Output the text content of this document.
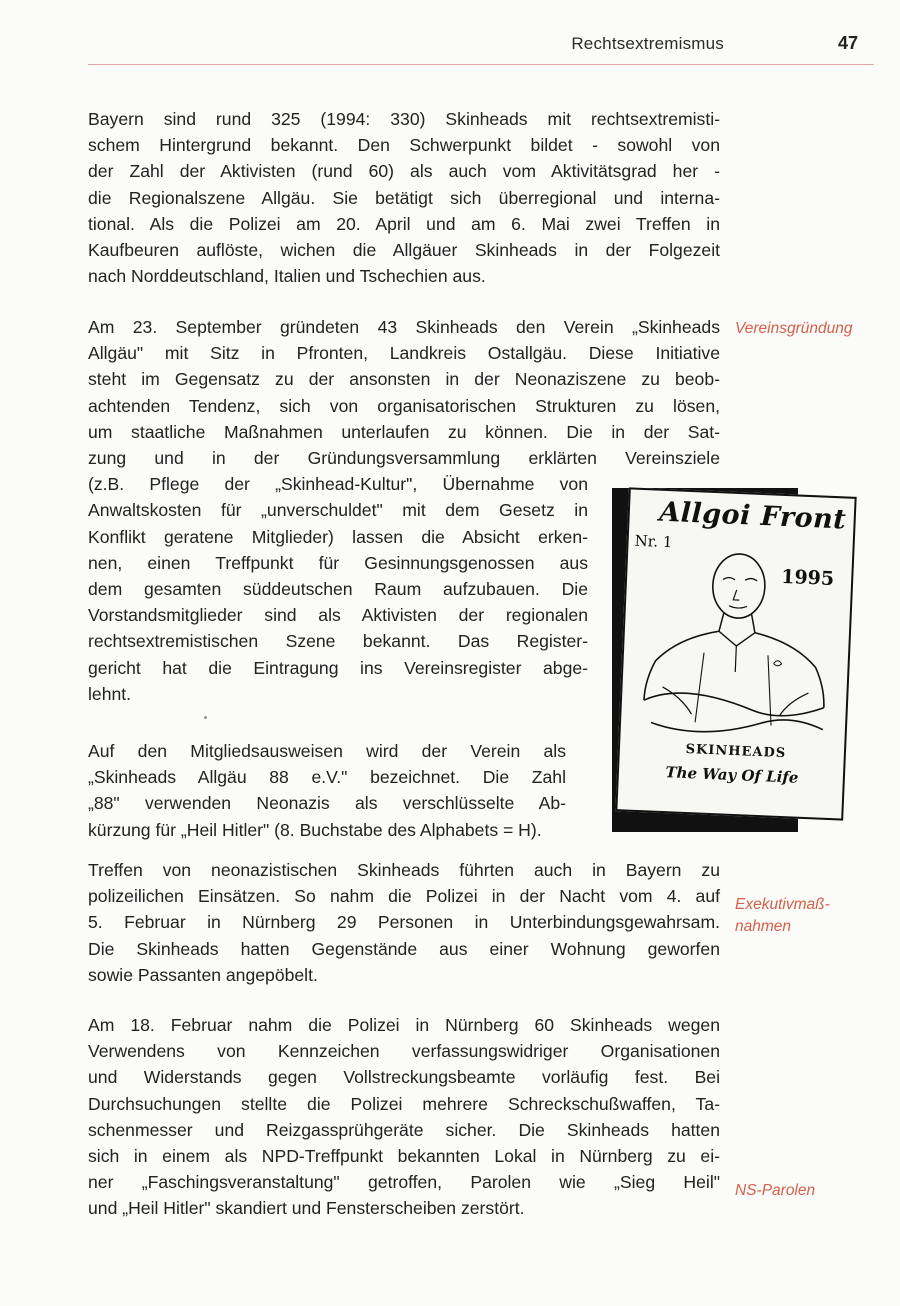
Rechtsextremismus	47
Bayern sind rund 325 (1994: 330) Skinheads mit rechtsextremisti-
schem Hintergrund bekannt. Den Schwerpunkt bildet - sowohl von
der Zahl der Aktivisten (rund 60) als auch vom Aktivitätsgrad her -
die Regionalszene Allgäu. Sie betätigt sich überregional und interna-
tional. Als die Polizei am 20. April und am 6. Mai zwei Treffen in
Kaufbeuren auflöste, wichen die Allgäuer Skinheads in der Folgezeit
nach Norddeutschland, Italien und Tschechien aus.
Am 23. September gründeten 43 Skinheads den Verein „Skinheads
Allgäu" mit Sitz in Pfronten, Landkreis Ostallgäu. Diese Initiative
steht im Gegensatz zu der ansonsten in der Neonaziszene zu beob-
achtenden Tendenz, sich von organisatorischen Strukturen zu lösen,
um staatliche Maßnahmen unterlaufen zu können. Die in der Sat-
zung und in der Gründungsversammlung erklärten Vereinsziele
(z.B. Pflege der „Skinhead-Kultur", Übernahme von
Anwaltskosten für „unverschuldet" mit dem Gesetz in
Konflikt geratene Mitglieder) lassen die Absicht erken-
nen, einen Treffpunkt für Gesinnungsgenossen aus
dem gesamten süddeutschen Raum aufzubauen. Die
Vorstandsmitglieder sind als Aktivisten der regionalen
rechtsextremistischen Szene bekannt. Das Register-
gericht hat die Eintragung ins Vereinsregister abge-
lehnt.
Auf den Mitgliedsausweisen wird der Verein als
„Skinheads Allgäu 88 e.V." bezeichnet. Die Zahl
„88" verwenden Neonazis als verschlüsselte Ab-
kürzung für „Heil Hitler" (8. Buchstabe des Alphabets = H).
Treffen von neonazistischen Skinheads führten auch in Bayern zu
polizeilichen Einsätzen. So nahm die Polizei in der Nacht vom 4. auf
5. Februar in Nürnberg 29 Personen in Unterbindungsgewahrsam.
Die Skinheads hatten Gegenstände aus einer Wohnung geworfen
sowie Passanten angepöbelt.
Am 18. Februar nahm die Polizei in Nürnberg 60 Skinheads wegen
Verwendens von Kennzeichen verfassungswidriger Organisationen
und Widerstands gegen Vollstreckungsbeamte vorläufig fest. Bei
Durchsuchungen stellte die Polizei mehrere Schreckschußwaffen, Ta-
schenmesser und Reizgassprühgeräte sicher. Die Skinheads hatten
sich in einem als NPD-Treffpunkt bekannten Lokal in Nürnberg zu ei-
ner „Faschingsveranstaltung" getroffen, Parolen wie „Sieg Heil"
und „Heil Hitler" skandiert und Fensterscheiben zerstört.
Vereinsgründung
Exekutivmaß-
nahmen
NS-Parolen
Allgoi Front
Nr. 1
1995
SKINHEADS
The Way Of Life
